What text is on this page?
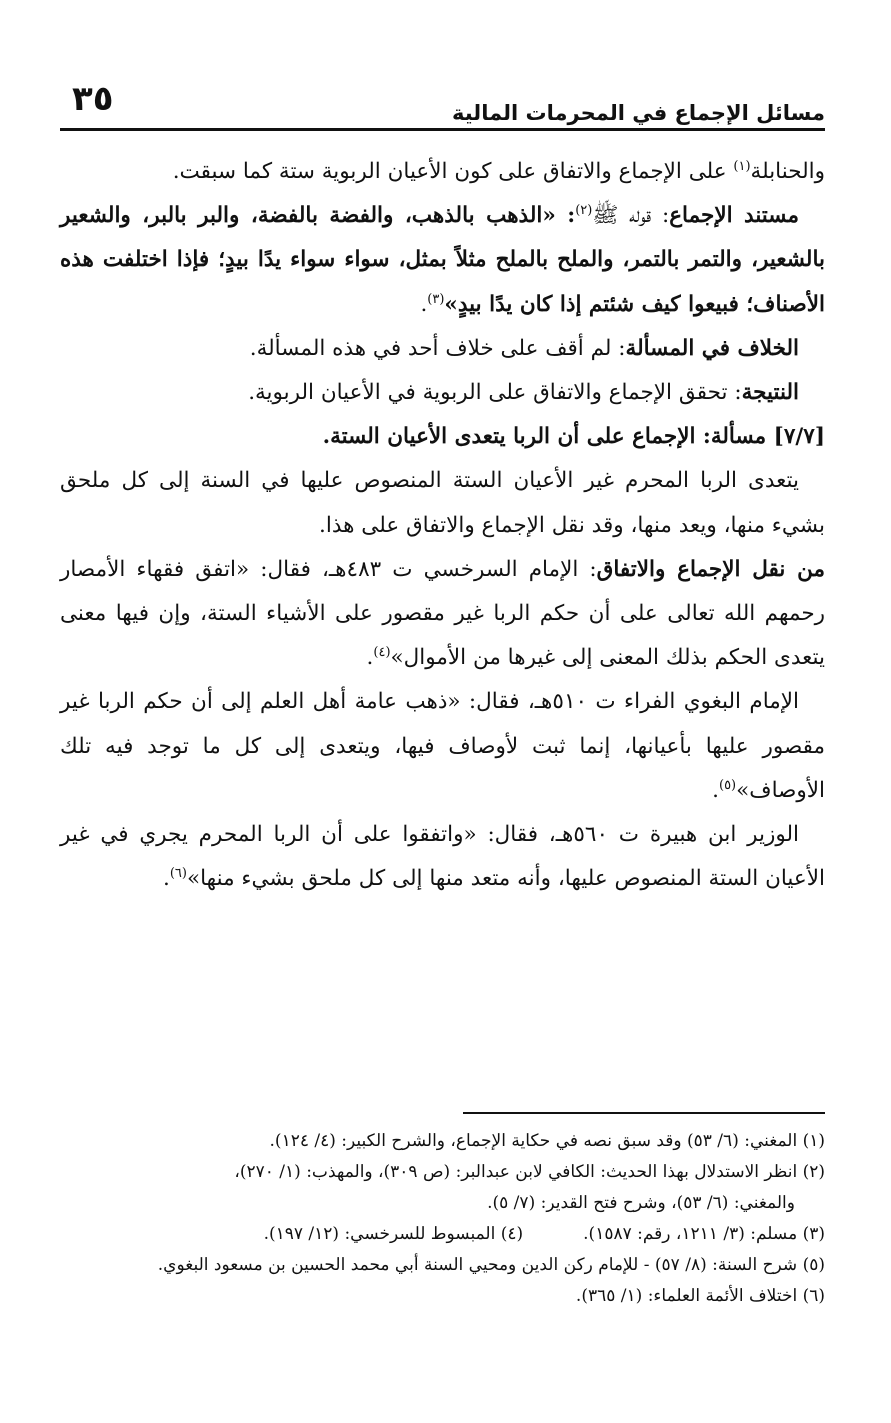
مسائل الإجماع في المحرمات المالية
٣٥

والحنابلة$^{(١)}$ على الإجماع والاتفاق على كون الأعيان الربوية ستة كما سبقت.

مستند الإجماع: قوله ﷺ$^{(٢)}$: «الذهب بالذهب، والفضة بالفضة، والبر بالبر، والشعير بالشعير، والتمر بالتمر، والملح بالملح مثلاً بمثل، سواء سواء يدًا بيدٍ؛ فإذا اختلفت هذه الأصناف؛ فبيعوا كيف شئتم إذا كان يدًا بيدٍ»$^{(٣)}$.

الخلاف في المسألة: لم أقف على خلاف أحد في هذه المسألة.

النتيجة: تحقق الإجماع والاتفاق على الربوية في الأعيان الربوية.

[٧/٧] مسألة: الإجماع على أن الربا يتعدى الأعيان الستة.

يتعدى الربا المحرم غير الأعيان الستة المنصوص عليها في السنة إلى كل ملحق بشيء منها، ويعد منها، وقد نقل الإجماع والاتفاق على هذا.

من نقل الإجماع والاتفاق: الإمام السرخسي ت ٤٨٣هـ، فقال: «اتفق فقهاء الأمصار رحمهم الله تعالى على أن حكم الربا غير مقصور على الأشياء الستة، وإن فيها معنى يتعدى الحكم بذلك المعنى إلى غيرها من الأموال»$^{(٤)}$.

الإمام البغوي الفراء ت ٥١٠هـ، فقال: «ذهب عامة أهل العلم إلى أن حكم الربا غير مقصور عليها بأعيانها، إنما ثبت لأوصاف فيها، ويتعدى إلى كل ما توجد فيه تلك الأوصاف»$^{(٥)}$.

الوزير ابن هبيرة ت ٥٦٠هـ، فقال: «واتفقوا على أن الربا المحرم يجري في غير الأعيان الستة المنصوص عليها، وأنه متعد منها إلى كل ملحق بشيء منها»$^{(٦)}$.

(١) المغني: (٦/ ٥٣) وقد سبق نصه في حكاية الإجماع، والشرح الكبير: (٤/ ١٢٤).

(٢) انظر الاستدلال بهذا الحديث: الكافي لابن عبدالبر: (ص ٣٠٩)، والمهذب: (١/ ٢٧٠)،

والمغني: (٦/ ٥٣)، وشرح فتح القدير: (٧/ ٥).

(٣) مسلم: (٣/ ١٢١١، رقم: ١٥٨٧).

(٤) المبسوط للسرخسي: (١٢/ ١٩٧).

(٥) شرح السنة: (٨/ ٥٧) - للإمام ركن الدين ومحيي السنة أبي محمد الحسين بن مسعود البغوي.

(٦) اختلاف الأئمة العلماء: (١/ ٣٦٥).
